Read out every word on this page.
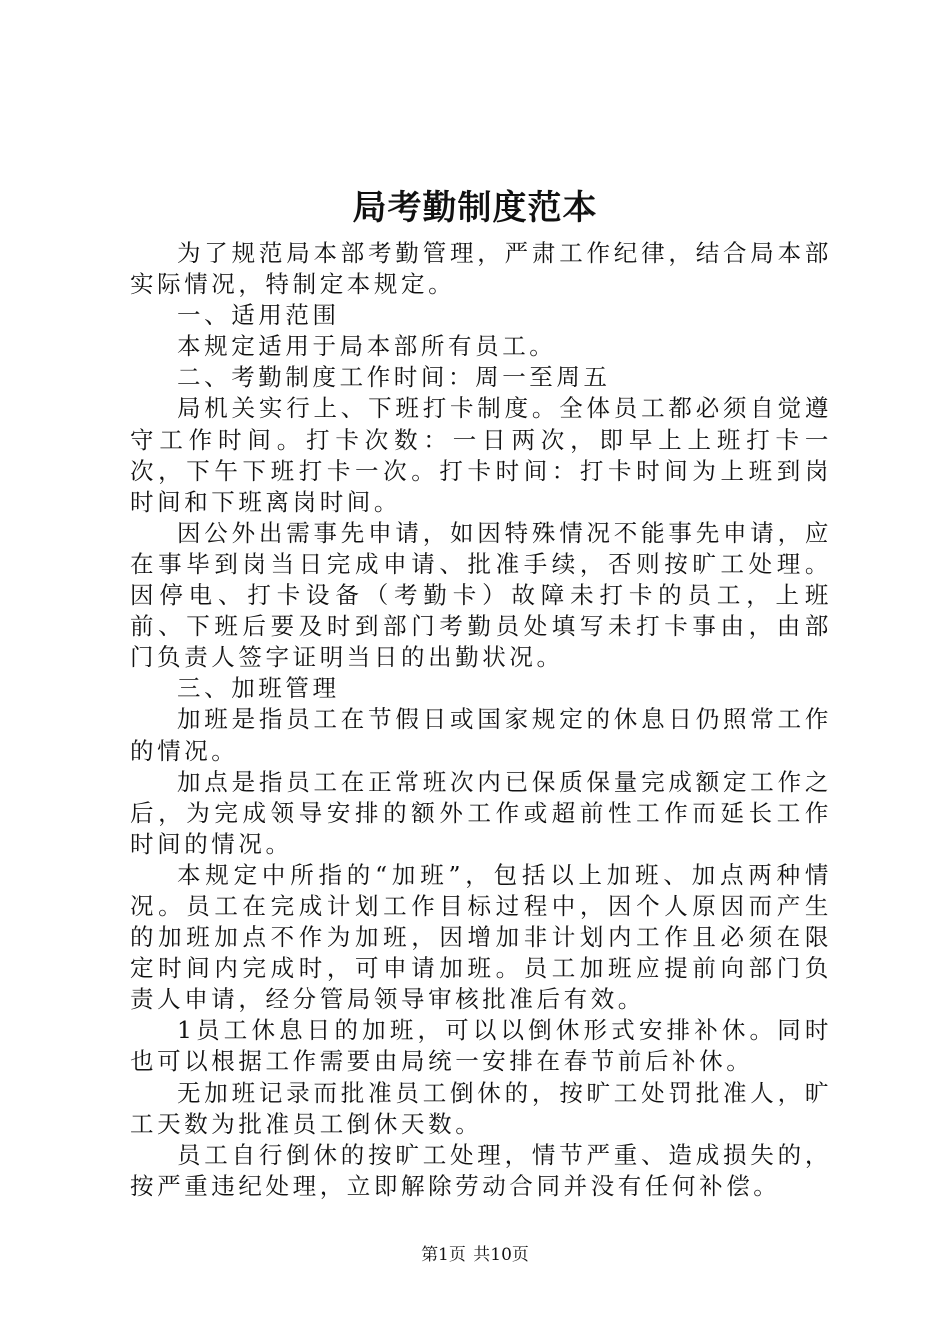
局考勤制度范本

为了规范局本部考勤管理，严肃工作纪律，结合局本部实际情况，特制定本规定。

一、适用范围

本规定适用于局本部所有员工。

二、考勤制度工作时间：周一至周五

局机关实行上、下班打卡制度。全体员工都必须自觉遵守工作时间。打卡次数：一日两次，即早上上班打卡一次，下午下班打卡一次。打卡时间：打卡时间为上班到岗时间和下班离岗时间。

因公外出需事先申请，如因特殊情况不能事先申请，应在事毕到岗当日完成申请、批准手续，否则按旷工处理。因停电、打卡设备（考勤卡）故障未打卡的员工，上班前、下班后要及时到部门考勤员处填写未打卡事由，由部门负责人签字证明当日的出勤状况。

三、加班管理

加班是指员工在节假日或国家规定的休息日仍照常工作的情况。

加点是指员工在正常班次内已保质保量完成额定工作之后，为完成领导安排的额外工作或超前性工作而延长工作时间的情况。

本规定中所指的“加班”，包括以上加班、加点两种情况。员工在完成计划工作目标过程中，因个人原因而产生的加班加点不作为加班，因增加非计划内工作且必须在限定时间内完成时，可申请加班。员工加班应提前向部门负责人申请，经分管局领导审核批准后有效。

1员工休息日的加班，可以以倒休形式安排补休。同时也可以根据工作需要由局统一安排在春节前后补休。

无加班记录而批准员工倒休的，按旷工处罚批准人，旷工天数为批准员工倒休天数。

员工自行倒休的按旷工处理，情节严重、造成损失的，按严重违纪处理，立即解除劳动合同并没有任何补偿。

第1页 共10页
